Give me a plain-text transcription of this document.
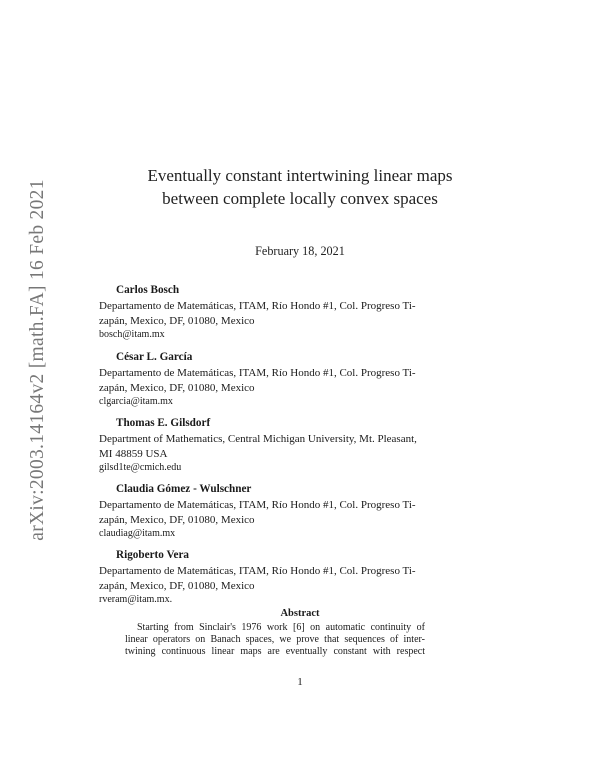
arXiv:2003.14164v2 [math.FA] 16 Feb 2021
Eventually constant intertwining linear maps
between complete locally convex spaces
February 18, 2021
Carlos Bosch
Departamento de Matemáticas, ITAM, Río Hondo #1, Col. Progreso Ti-
zapán, Mexico, DF, 01080, Mexico
bosch@itam.mx
César L. García
Departamento de Matemáticas, ITAM, Río Hondo #1, Col. Progreso Ti-
zapán, Mexico, DF, 01080, Mexico
clgarcia@itam.mx
Thomas E. Gilsdorf
Department of Mathematics, Central Michigan University, Mt. Pleasant,
MI 48859 USA
gilsd1te@cmich.edu
Claudia Gómez - Wulschner
Departamento de Matemáticas, ITAM, Río Hondo #1, Col. Progreso Ti-
zapán, Mexico, DF, 01080, Mexico
claudiag@itam.mx
Rigoberto Vera
Departamento de Matemáticas, ITAM, Río Hondo #1, Col. Progreso Ti-
zapán, Mexico, DF, 01080, Mexico
rveram@itam.mx.
Abstract
Starting from Sinclair's 1976 work [6] on automatic continuity of
linear operators on Banach spaces, we prove that sequences of inter-
twining continuous linear maps are eventually constant with respect
1
